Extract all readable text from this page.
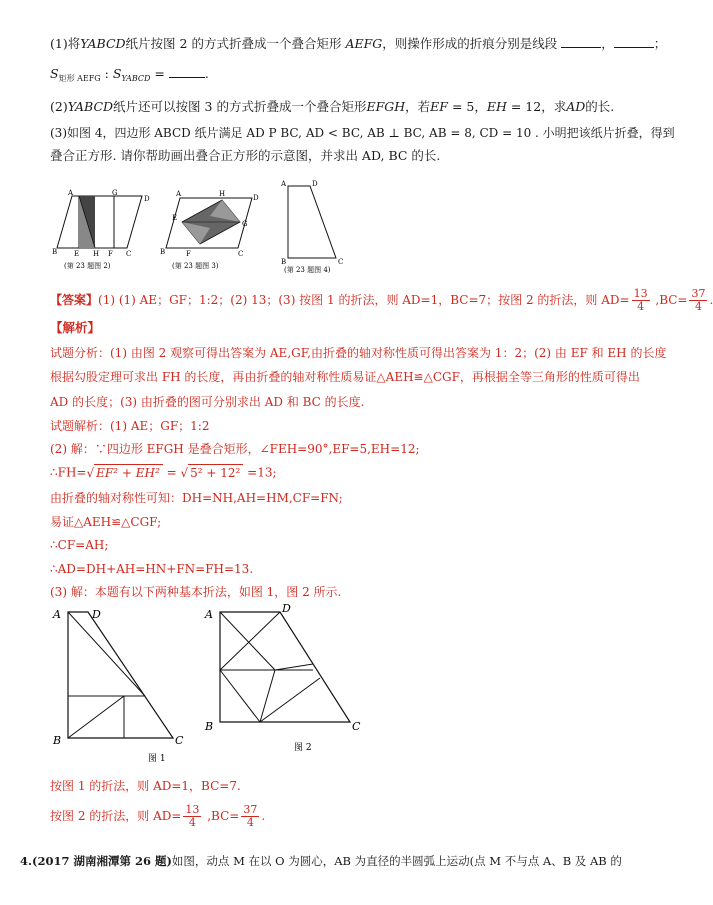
(1)将YABCD纸片按图 2 的方式折叠成一个叠合矩形 AEFG，则操作形成的折痕分别是线段	，	；
$S_{矩形 AEFG}$ : $S_{YABCD}$ =	.
(2)YABCD纸片还可以按图 3 的方式折叠成一个叠合矩形EFGH，若EF = 5，EH = 12，求AD的长.
(3)如图 4，四边形 ABCD 纸片满足 AD P BC, AD < BC, AB ⊥ BC, AB = 8, CD = 10 . 小明把该纸片折叠，得到
叠合正方形. 请你帮助画出叠合正方形的示意图，并求出 AD, BC 的长.
A	G
D
B E H F C
(第 23 题图 2)
A	H	D
E
G
B	F	C
(第 23 题图 3)
A	D
B	C
(第 23 题图 4)
【答案】(1) (1) AE；GF；1:2；(2) 13；(3) 按图 1 的折法，则 AD=1，BC=7；按图 2 的折法，则 $AD= \frac{13}{4} ,BC= \frac{37}{4}$ .
【解析】
试题分析：(1) 由图 2 观察可得出答案为 AE,GF,由折叠的轴对称性质可得出答案为 1：2；(2) 由 EF 和 EH 的长度
根据勾股定理可求出 FH 的长度，再由折叠的轴对称性质易证△AEH≌△CGF，再根据全等三角形的性质可得出
AD 的长度；(3) 由折叠的图可分别求出 AD 和 BC 的长度.
试题解析：(1) AE；GF；1:2
(2) 解：∵四边形 EFGH 是叠合矩形，∠FEH=90°,EF=5,EH=12;
∴FH=√ EF² + EH² = √ 5² + 12² =13;
由折叠的轴对称性可知：DH=NH,AH=HM,CF=FN;
易证△AEH≌△CGF;
∴CF=AH;
∴AD=DH+AH=HN+FN=FH=13.
(3) 解：本题有以下两种基本折法，如图 1，图 2 所示.
A	D
B	C
图 1
A	D
B	C
图 2
按图 1 的折法，则 AD=1，BC=7.
按图 2 的折法，则 $AD= \frac{13}{4} ,BC= \frac{37}{4}$ .
4.(2017 湖南湘潭第 26 题)如图，动点 M 在以 O 为圆心，AB 为直径的半圆弧上运动(点 M 不与点 A、B 及 AB 的
